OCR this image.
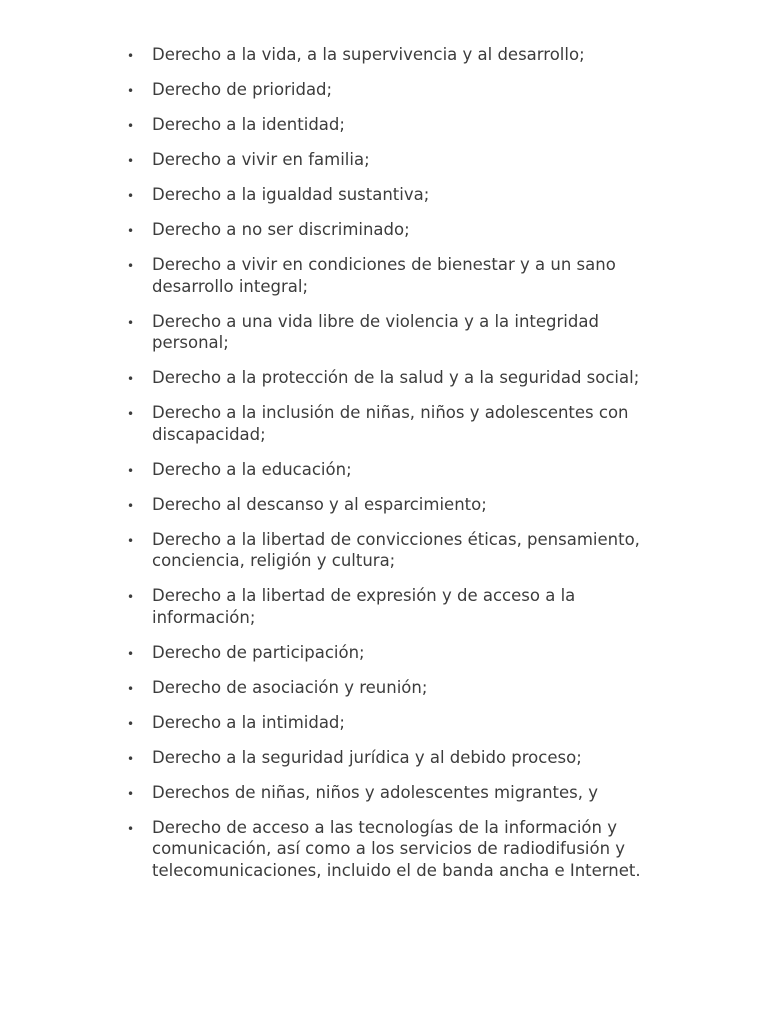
• Derecho a la vida, a la supervivencia y al desarrollo;
• Derecho de prioridad;
• Derecho a la identidad;
• Derecho a vivir en familia;
• Derecho a la igualdad sustantiva;
• Derecho a no ser discriminado;
• Derecho a vivir en condiciones de bienestar y a un sano desarrollo integral;
• Derecho a una vida libre de violencia y a la integridad personal;
• Derecho a la protección de la salud y a la seguridad social;
• Derecho a la inclusión de niñas, niños y adolescentes con discapacidad;
• Derecho a la educación;
• Derecho al descanso y al esparcimiento;
• Derecho a la libertad de convicciones éticas, pensamiento, conciencia, religión y cultura;
• Derecho a la libertad de expresión y de acceso a la información;
• Derecho de participación;
• Derecho de asociación y reunión;
• Derecho a la intimidad;
• Derecho a la seguridad jurídica y al debido proceso;
• Derechos de niñas, niños y adolescentes migrantes, y
• Derecho de acceso a las tecnologías de la información y comunicación, así como a los servicios de radiodifusión y telecomunicaciones, incluido el de banda ancha e Internet.
